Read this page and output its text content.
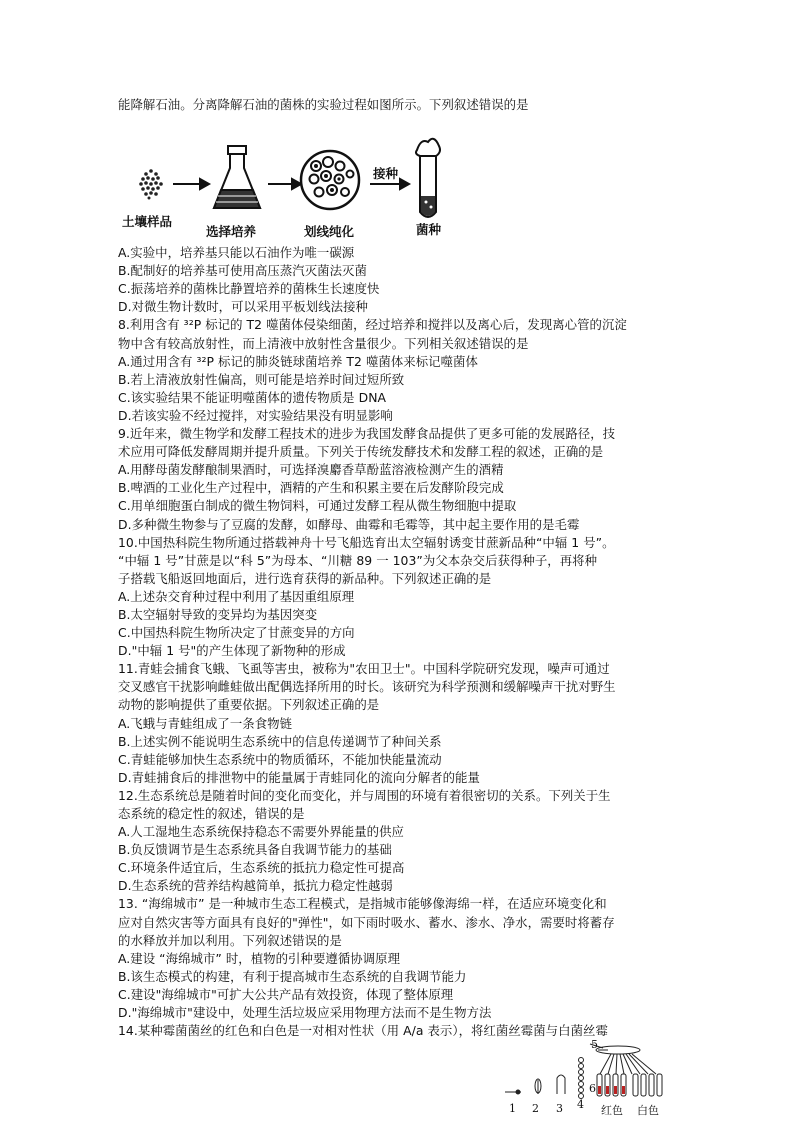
能降解石油。分离降解石油的菌株的实验过程如图所示。下列叙述错误的是
土壤样品
选择培养	划线纯化
接种
菌种
A.实验中，培养基只能以石油作为唯一碳源
B.配制好的培养基可使用高压蒸汽灭菌法灭菌
C.振荡培养的菌株比静置培养的菌株生长速度快
D.对微生物计数时，可以采用平板划线法接种
8.利用含有 ³²P 标记的 T2 噬菌体侵染细菌，经过培养和搅拌以及离心后，发现离心管的沉淀
物中含有较高放射性，而上清液中放射性含量很少。下列相关叙述错误的是
A.通过用含有 ³²P 标记的肺炎链球菌培养 T2 噬菌体来标记噬菌体
B.若上清液放射性偏高，则可能是培养时间过短所致
C.该实验结果不能证明噬菌体的遗传物质是 DNA
D.若该实验不经过搅拌，对实验结果没有明显影响
9.近年来，微生物学和发酵工程技术的进步为我国发酵食品提供了更多可能的发展路径，技
术应用可降低发酵周期并提升质量。下列关于传统发酵技术和发酵工程的叙述，正确的是
A.用酵母菌发酵酿制果酒时，可选择溴麝香草酚蓝溶液检测产生的酒精
B.啤酒的工业化生产过程中，酒精的产生和积累主要在后发酵阶段完成
C.用单细胞蛋白制成的微生物饲料，可通过发酵工程从微生物细胞中提取
D.多种微生物参与了豆腐的发酵，如酵母、曲霉和毛霉等，其中起主要作用的是毛霉
10.中国热科院生物所通过搭载神舟十号飞船选育出太空辐射诱变甘蔗新品种“中辐 1 号”。
“中辐 1 号”甘蔗是以“科 5”为母本、“川糖 89 一 103”为父本杂交后获得种子，再将种
子搭载飞船返回地面后，进行选育获得的新品种。下列叙述正确的是
A.上述杂交育种过程中利用了基因重组原理
B.太空辐射导致的变异均为基因突变
C.中国热科院生物所决定了甘蔗变异的方向
D."中辐 1 号"的产生体现了新物种的形成
11.青蛙会捕食飞蛾、飞虱等害虫，被称为"农田卫士"。中国科学院研究发现，噪声可通过
交叉感官干扰影响雌蛙做出配偶选择所用的时长。该研究为科学预测和缓解噪声干扰对野生
动物的影响提供了重要依据。下列叙述正确的是
A.飞蛾与青蛙组成了一条食物链
B.上述实例不能说明生态系统中的信息传递调节了种间关系
C.青蛙能够加快生态系统中的物质循环，不能加快能量流动
D.青蛙捕食后的排泄物中的能量属于青蛙同化的流向分解者的能量
12.生态系统总是随着时间的变化而变化，并与周围的环境有着很密切的关系。下列关于生
态系统的稳定性的叙述，错误的是
A.人工湿地生态系统保持稳态不需要外界能量的供应
B.负反馈调节是生态系统具备自我调节能力的基础
C.环境条件适宜后，生态系统的抵抗力稳定性可提高
D.生态系统的营养结构越简单，抵抗力稳定性越弱
13. “海绵城市” 是一种城市生态工程模式，是指城市能够像海绵一样，在适应环境变化和
应对自然灾害等方面具有良好的"弹性"，如下雨时吸水、蓄水、渗水、净水，需要时将蓄存
的水释放并加以利用。下列叙述错误的是
A.建设 “海绵城市” 时，植物的引种要遵循协调原理
B.该生态模式的构建，有利于提高城市生态系统的自我调节能力
C.建设"海绵城市"可扩大公共产品有效投资，体现了整体原理
D."海绵城市"建设中，处理生活垃圾应采用物理方法而不是生物方法
14.某种霉菌菌丝的红色和白色是一对相对性状（用 A/a 表示），将红菌丝霉菌与白菌丝霉
1 2 3 4
5
6
红色 白色
